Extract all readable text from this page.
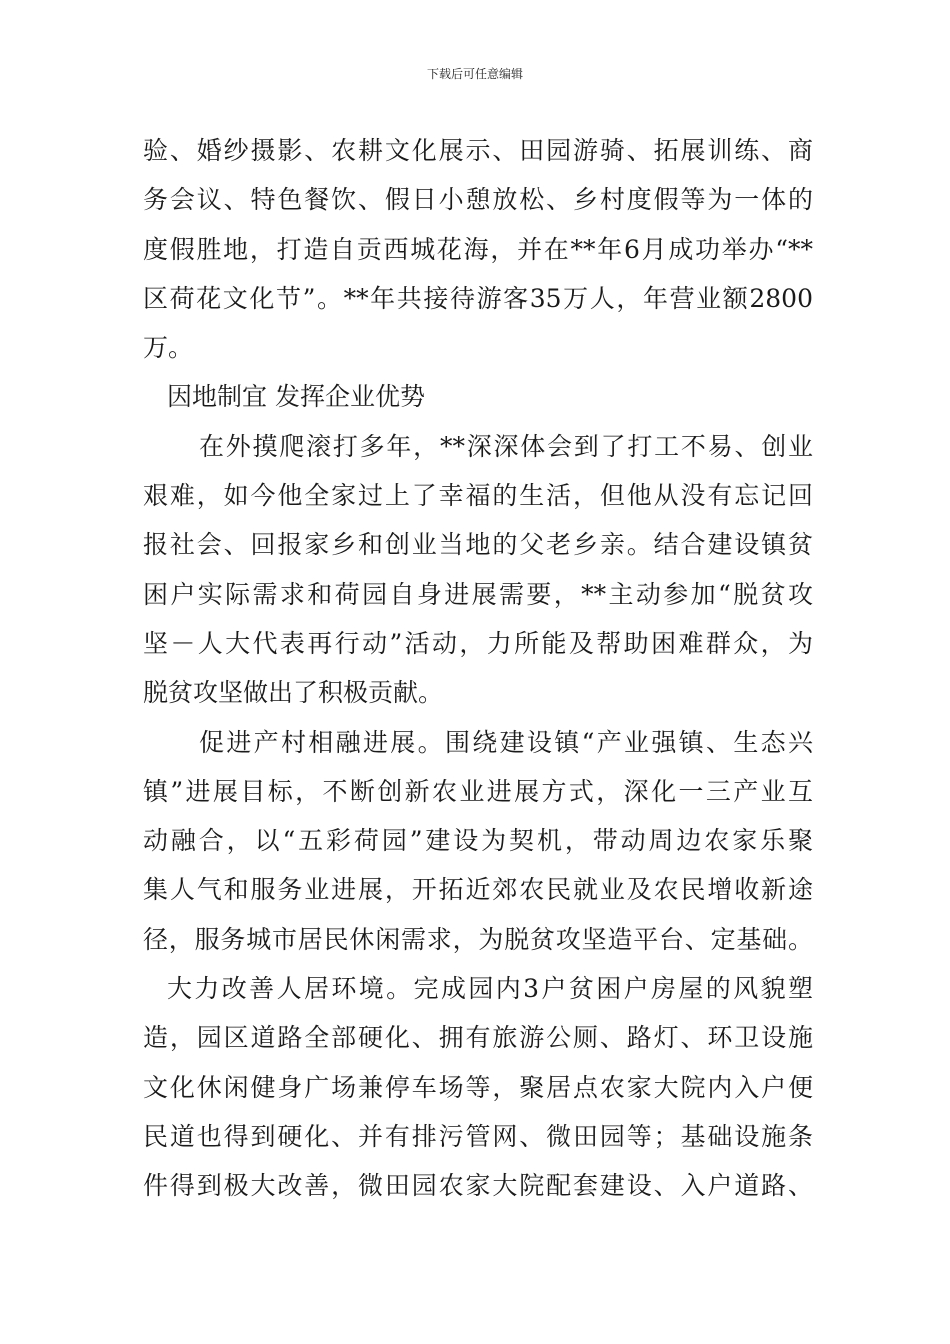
下载后可任意编辑
验、婚纱摄影、农耕文化展示、田园游骑、拓展训练、商
务会议、特色餐饮、假日小憩放松、乡村度假等为一体的
度假胜地，打造自贡西城花海，并在**年6月成功举办“**
区荷花文化节”。**年共接待游客35万人，年营业额2800
万。
因地制宜 发挥企业优势
在外摸爬滚打多年，**深深体会到了打工不易、创业
艰难，如今他全家过上了幸福的生活，但他从没有忘记回
报社会、回报家乡和创业当地的父老乡亲。结合建设镇贫
困户实际需求和荷园自身进展需要，**主动参加“脱贫攻
坚－人大代表再行动”活动，力所能及帮助困难群众，为
脱贫攻坚做出了积极贡献。
促进产村相融进展。围绕建设镇“产业强镇、生态兴
镇”进展目标，不断创新农业进展方式，深化一三产业互
动融合，以“五彩荷园”建设为契机，带动周边农家乐聚
集人气和服务业进展，开拓近郊农民就业及农民增收新途
径，服务城市居民休闲需求，为脱贫攻坚造平台、定基础。
大力改善人居环境。完成园内3户贫困户房屋的风貌塑
造，园区道路全部硬化、拥有旅游公厕、路灯、环卫设施
文化休闲健身广场兼停车场等，聚居点农家大院内入户便
民道也得到硬化、并有排污管网、微田园等；基础设施条
件得到极大改善，微田园农家大院配套建设、入户道路、
